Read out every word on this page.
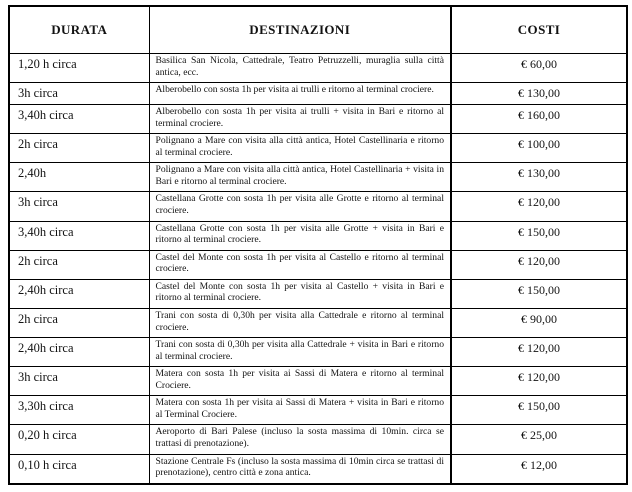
DURATA	DESTINAZIONI	COSTI
1,20 h circa	Basilica San Nicola, Cattedrale, Teatro Petruzzelli, muraglia sulla città antica, ecc.	€ 60,00
3h circa	Alberobello con sosta 1h per visita ai trulli e ritorno al terminal crociere.	€ 130,00
3,40h circa	Alberobello con sosta 1h per visita ai trulli + visita in Bari e ritorno al terminal crociere.	€ 160,00
2h circa	Polignano a Mare con visita alla città antica, Hotel Castellinaria e ritorno al terminal crociere.	€ 100,00
2,40h	Polignano a Mare con visita alla città antica, Hotel Castellinaria + visita in Bari e ritorno al terminal crociere.	€ 130,00
3h circa	Castellana Grotte con sosta 1h per visita alle Grotte e ritorno al terminal crociere.	€ 120,00
3,40h circa	Castellana Grotte con sosta 1h per visita alle Grotte + visita in Bari e ritorno al terminal crociere.	€ 150,00
2h circa	Castel del Monte con sosta 1h per visita al Castello e ritorno al terminal crociere.	€ 120,00
2,40h circa	Castel del Monte con sosta 1h per visita al Castello + visita in Bari e ritorno al terminal crociere.	€ 150,00
2h circa	Trani con sosta di 0,30h per visita alla Cattedrale e ritorno al terminal crociere.	€ 90,00
2,40h circa	Trani con sosta di 0,30h per visita alla Cattedrale + visita in Bari e ritorno al terminal crociere.	€ 120,00
3h circa	Matera con sosta 1h per visita ai Sassi di Matera e ritorno al terminal Crociere.	€ 120,00
3,30h circa	Matera con sosta 1h per visita ai Sassi di Matera + visita in Bari e ritorno al Terminal Crociere.	€ 150,00
0,20 h circa	Aeroporto di Bari Palese (incluso la sosta massima di 10min. circa se trattasi di prenotazione).	€ 25,00
0,10 h circa	Stazione Centrale Fs (incluso la sosta massima di 10min circa se trattasi di prenotazione), centro città e zona antica.	€ 12,00
